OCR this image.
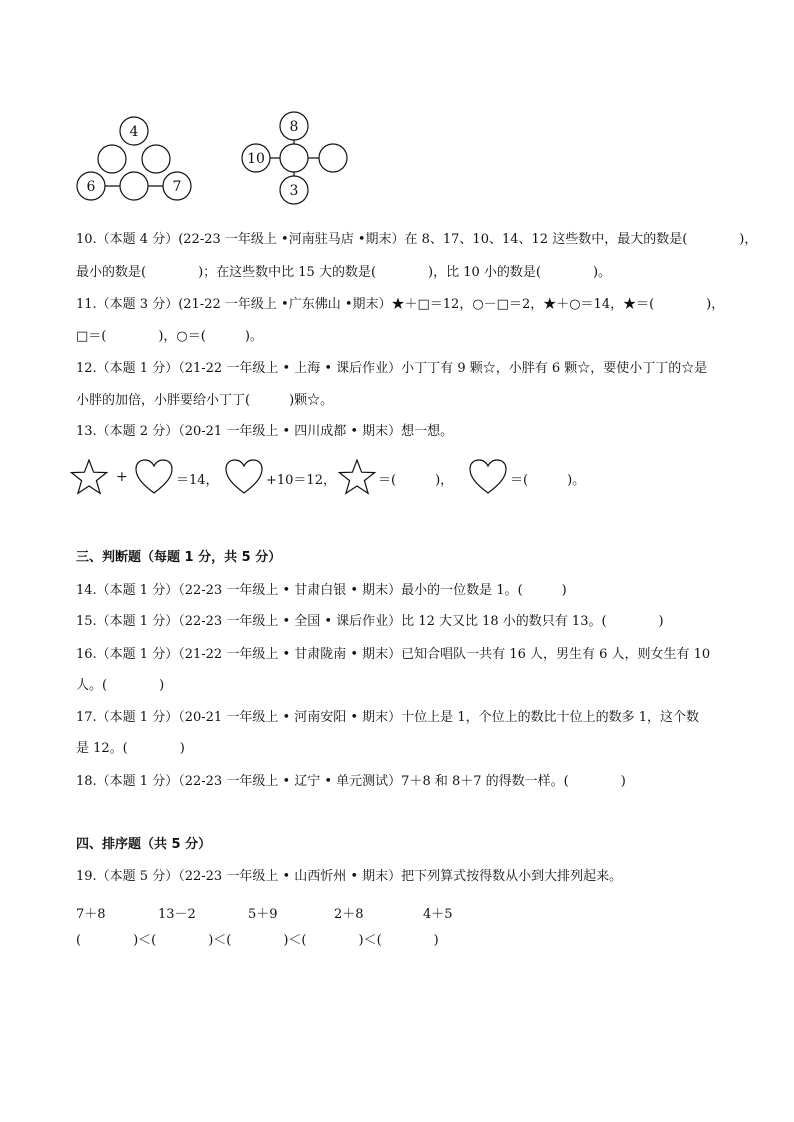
4
6	7
8
10
3
10.（本题 4 分）(22-23 一年级上 •河南驻马店 •期末）在 8、17、10、14、12 这些数中，最大的数是(　　　　)，
最小的数是(　　　　)；在这些数中比 15 大的数是(　　　　)，比 10 小的数是(　　　　)。
11.（本题 3 分）(21-22 一年级上 •广东佛山 •期末）★＋□＝12，○－□＝2，★＋○＝14，★＝(　　　　)，
□＝(　　　　)，○＝(　　　)。
12.（本题 1 分）（21-22 一年级上 • 上海 • 课后作业）小丁丁有 9 颗☆，小胖有 6 颗☆，要使小丁丁的☆是
小胖的加倍，小胖要给小丁丁(　　　)颗☆。
13.（本题 2 分）（20-21 一年级上 • 四川成都 • 期末）想一想。
+	＝14，	+10＝12，	＝(　　　)，	＝(　　　)。
三、判断题（每题 1 分，共 5 分）
14.（本题 1 分）（22-23 一年级上 • 甘肃白银 • 期末）最小的一位数是 1。(　　　)
15.（本题 1 分）（22-23 一年级上 • 全国 • 课后作业）比 12 大又比 18 小的数只有 13。(　　　　)
16.（本题 1 分）（21-22 一年级上 • 甘肃陇南 • 期末）已知合唱队一共有 16 人，男生有 6 人，则女生有 10
人。(　　　　)
17.（本题 1 分）（20-21 一年级上 • 河南安阳 • 期末）十位上是 1，个位上的数比十位上的数多 1，这个数
是 12。(　　　　)
18.（本题 1 分）（22-23 一年级上 • 辽宁 • 单元测试）7＋8 和 8＋7 的得数一样。(　　　　)
四、排序题（共 5 分）
19.（本题 5 分）（22-23 一年级上 • 山西忻州 • 期末）把下列算式按得数从小到大排列起来。
7＋8	13－2	5＋9	2＋8	4＋5
(　　　　)＜(　　　　)＜(　　　　)＜(　　　　)＜(　　　　)
